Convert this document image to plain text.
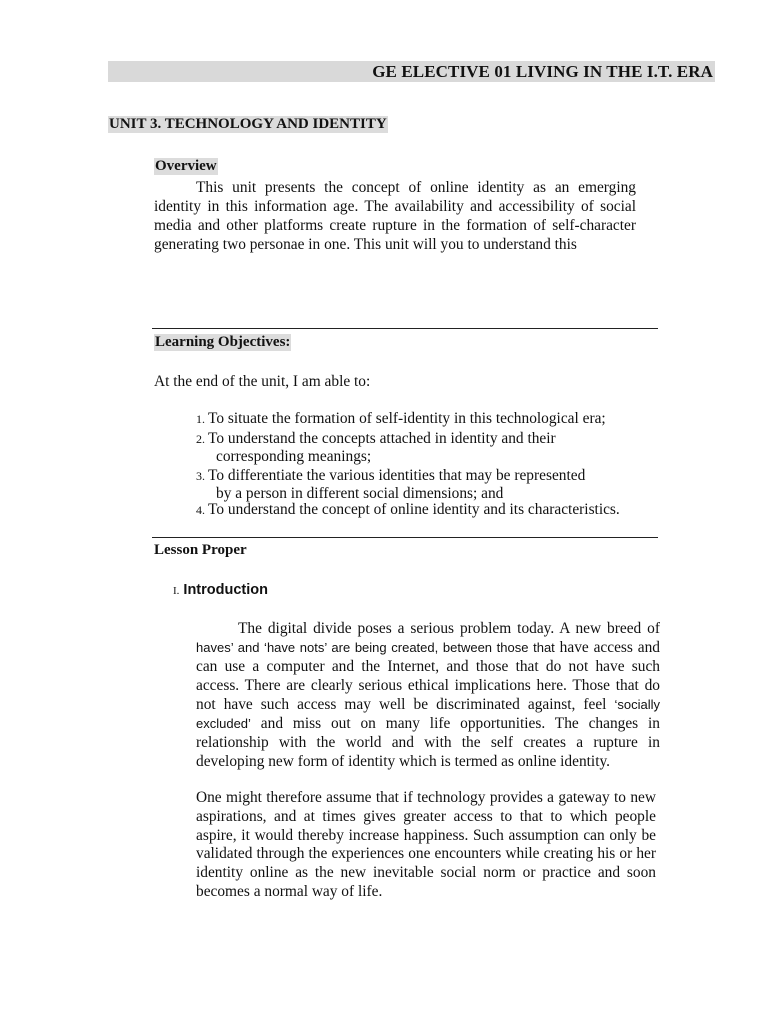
GE ELECTIVE 01 LIVING IN THE I.T. ERA
UNIT 3. TECHNOLOGY AND IDENTITY
Overview

This unit presents the concept of online identity as an emerging identity in this information age. The availability and accessibility of social media and other platforms create rupture in the formation of self-character generating two personae in one. This unit will you to understand this

Learning Objectives:
At the end of the unit, I am able to:
1. To situate the formation of self-identity in this technological era;
2. To understand the concepts attached in identity and their
corresponding meanings;
3. To differentiate the various identities that may be represented
by a person in different social dimensions; and
4. To understand the concept of online identity and its characteristics.
Lesson Proper
I. Introduction

The digital divide poses a serious problem today. A new breed of haves’ and ‘have nots’ are being created, between those that have access and can use a computer and the Internet, and those that do not have such access. There are clearly serious ethical implications here. Those that do not have such access may well be discriminated against, feel ‘socially excluded’ and miss out on many life opportunities. The changes in relationship with the world and with the self creates a rupture in developing new form of identity which is termed as online identity.

One might therefore assume that if technology provides a gateway to new aspirations, and at times gives greater access to that to which people aspire, it would thereby increase happiness. Such assumption can only be validated through the experiences one encounters while creating his or her identity online as the new inevitable social norm or practice and soon becomes a normal way of life.
